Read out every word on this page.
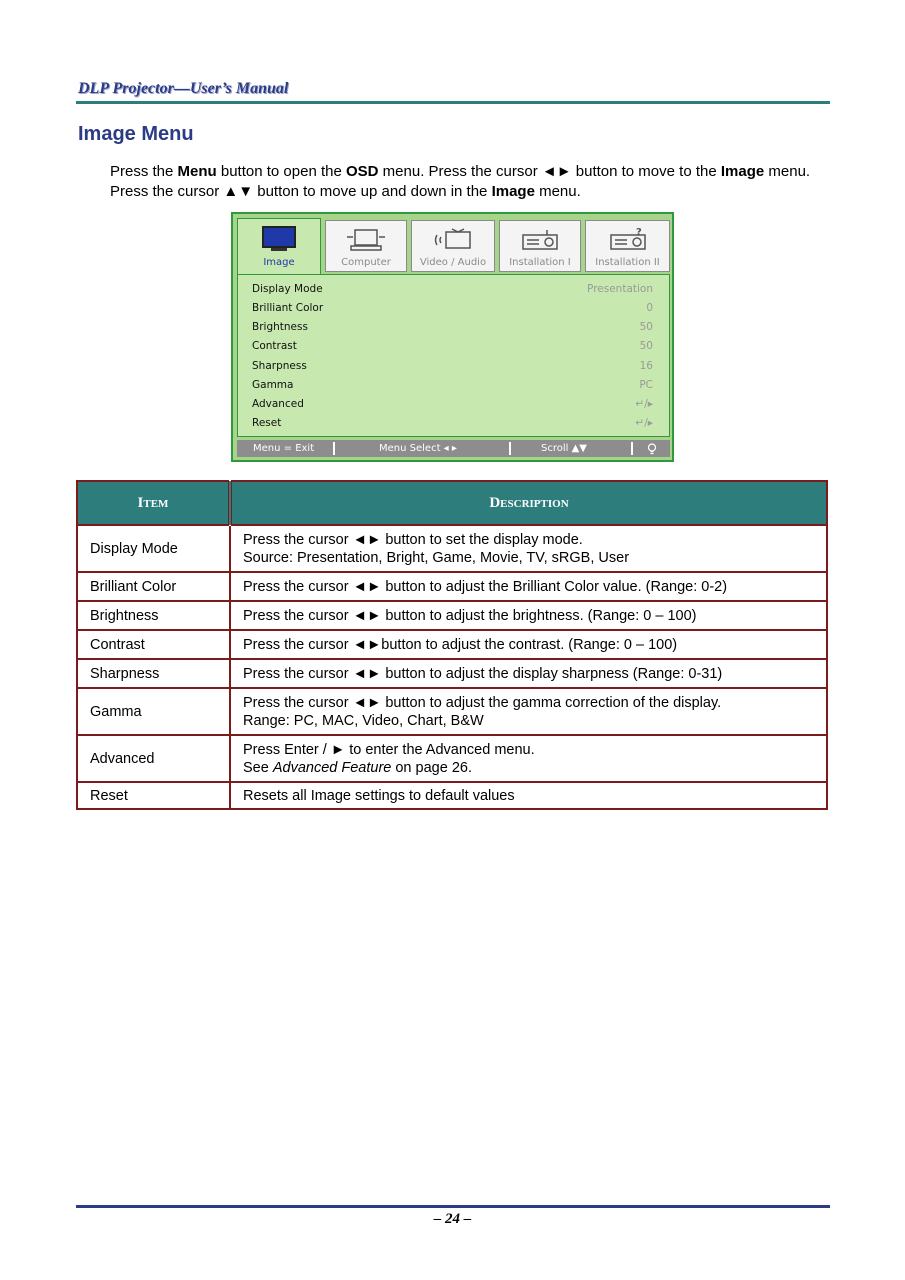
DLP Projector—User’s Manual
Image Menu
Press the Menu button to open the OSD menu. Press the cursor ◄► button to move to the Image menu. Press the cursor ▲▼ button to move up and down in the Image menu.
Image	Computer	Video / Audio	Installation I
?
Installation II
Display Mode	Presentation
Brilliant Color	0
Brightness	50
Contrast	50
Sharpness	16
Gamma	PC
Advanced	↵/▸
Reset	↵/▸
Menu = Exit	Menu Select ◂ ▸	Scroll ▲▼
Item	Description
Display Mode	Press the cursor ◄► button to set the display mode.
Source: Presentation, Bright, Game, Movie, TV, sRGB, User

Brilliant Color	Press the cursor ◄► button to adjust the Brilliant Color value. (Range: 0-2)
Brightness	Press the cursor ◄► button to adjust the brightness. (Range: 0 – 100)
Contrast	Press the cursor ◄►button to adjust the contrast. (Range: 0 – 100)
Sharpness	Press the cursor ◄► button to adjust the display sharpness (Range: 0-31)
Gamma	Press the cursor ◄► button to adjust the gamma correction of the display.
Range: PC, MAC, Video, Chart, B&W

Advanced	Press Enter / ► to enter the Advanced menu.
See Advanced Feature on page 26.

Reset	Resets all Image settings to default values
– 24 –
